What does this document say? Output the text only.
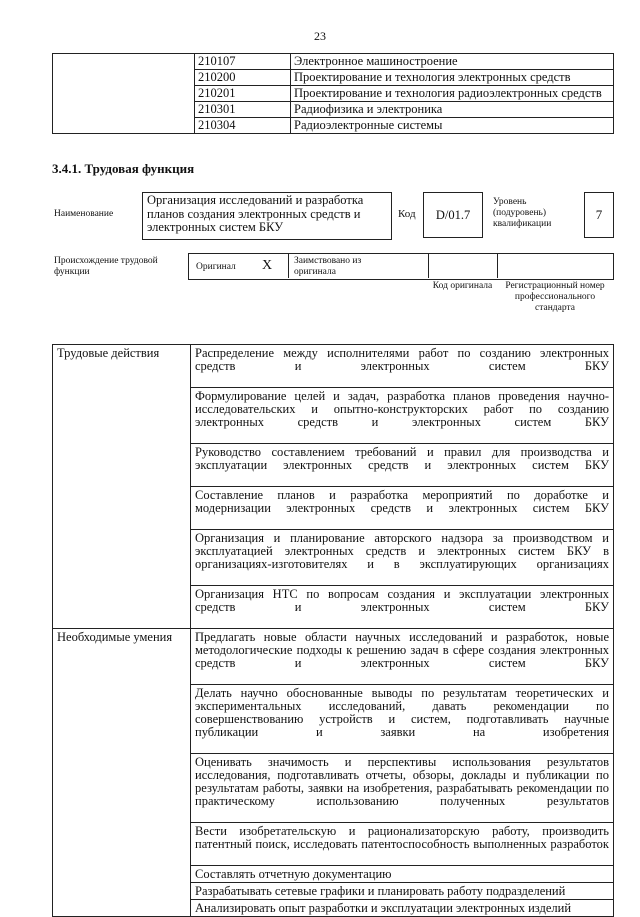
23
	210107	Электронное машиностроение
	210200	Проектирование и технология электронных средств
	210201	Проектирование и технология радиоэлектронных средств
	210301	Радиофизика и электроника
	210304	Радиоэлектронные системы
3.4.1. Трудовая функция
Наименование
Организация исследований и разработка планов создания электронных средств и электронных систем БКУ
Код	D/01.7
Уровень (подуровень) квалификации
7
Происхождение трудовой функции	Оригинал X Заимствовано из оригинала
Код оригинала	Регистрационный номер профессионального стандарта
Трудовые действия	Распределение между исполнителями работ по созданию электронных средств и электронных систем БКУ
	Формулирование целей и задач, разработка планов проведения научно-исследовательских и опытно-конструкторских работ по созданию электронных средств и электронных систем БКУ
	Руководство составлением требований и правил для производства и эксплуатации электронных средств и электронных систем БКУ
	Составление планов и разработка мероприятий по доработке и модернизации электронных средств и электронных систем БКУ
	Организация и планирование авторского надзора за производством и эксплуатацией электронных средств и электронных систем БКУ в организациях-изготовителях и в эксплуатирующих организациях
	Организация НТС по вопросам создания и эксплуатации электронных средств и электронных систем БКУ
Необходимые умения	Предлагать новые области научных исследований и разработок, новые методологические подходы к решению задач в сфере создания электронных средств и электронных систем БКУ
	Делать научно обоснованные выводы по результатам теоретических и экспериментальных исследований, давать рекомендации по совершенствованию устройств и систем, подготавливать научные публикации и заявки на изобретения
	Оценивать значимость и перспективы использования результатов исследования, подготавливать отчеты, обзоры, доклады и публикации по результатам работы, заявки на изобретения, разрабатывать рекомендации по практическому использованию полученных результатов
	Вести изобретательскую и рационализаторскую работу, производить патентный поиск, исследовать патентоспособность выполненных разработок
	Составлять отчетную документацию
	Разрабатывать сетевые графики и планировать работу подразделений
	Анализировать опыт разработки и эксплуатации электронных изделий
